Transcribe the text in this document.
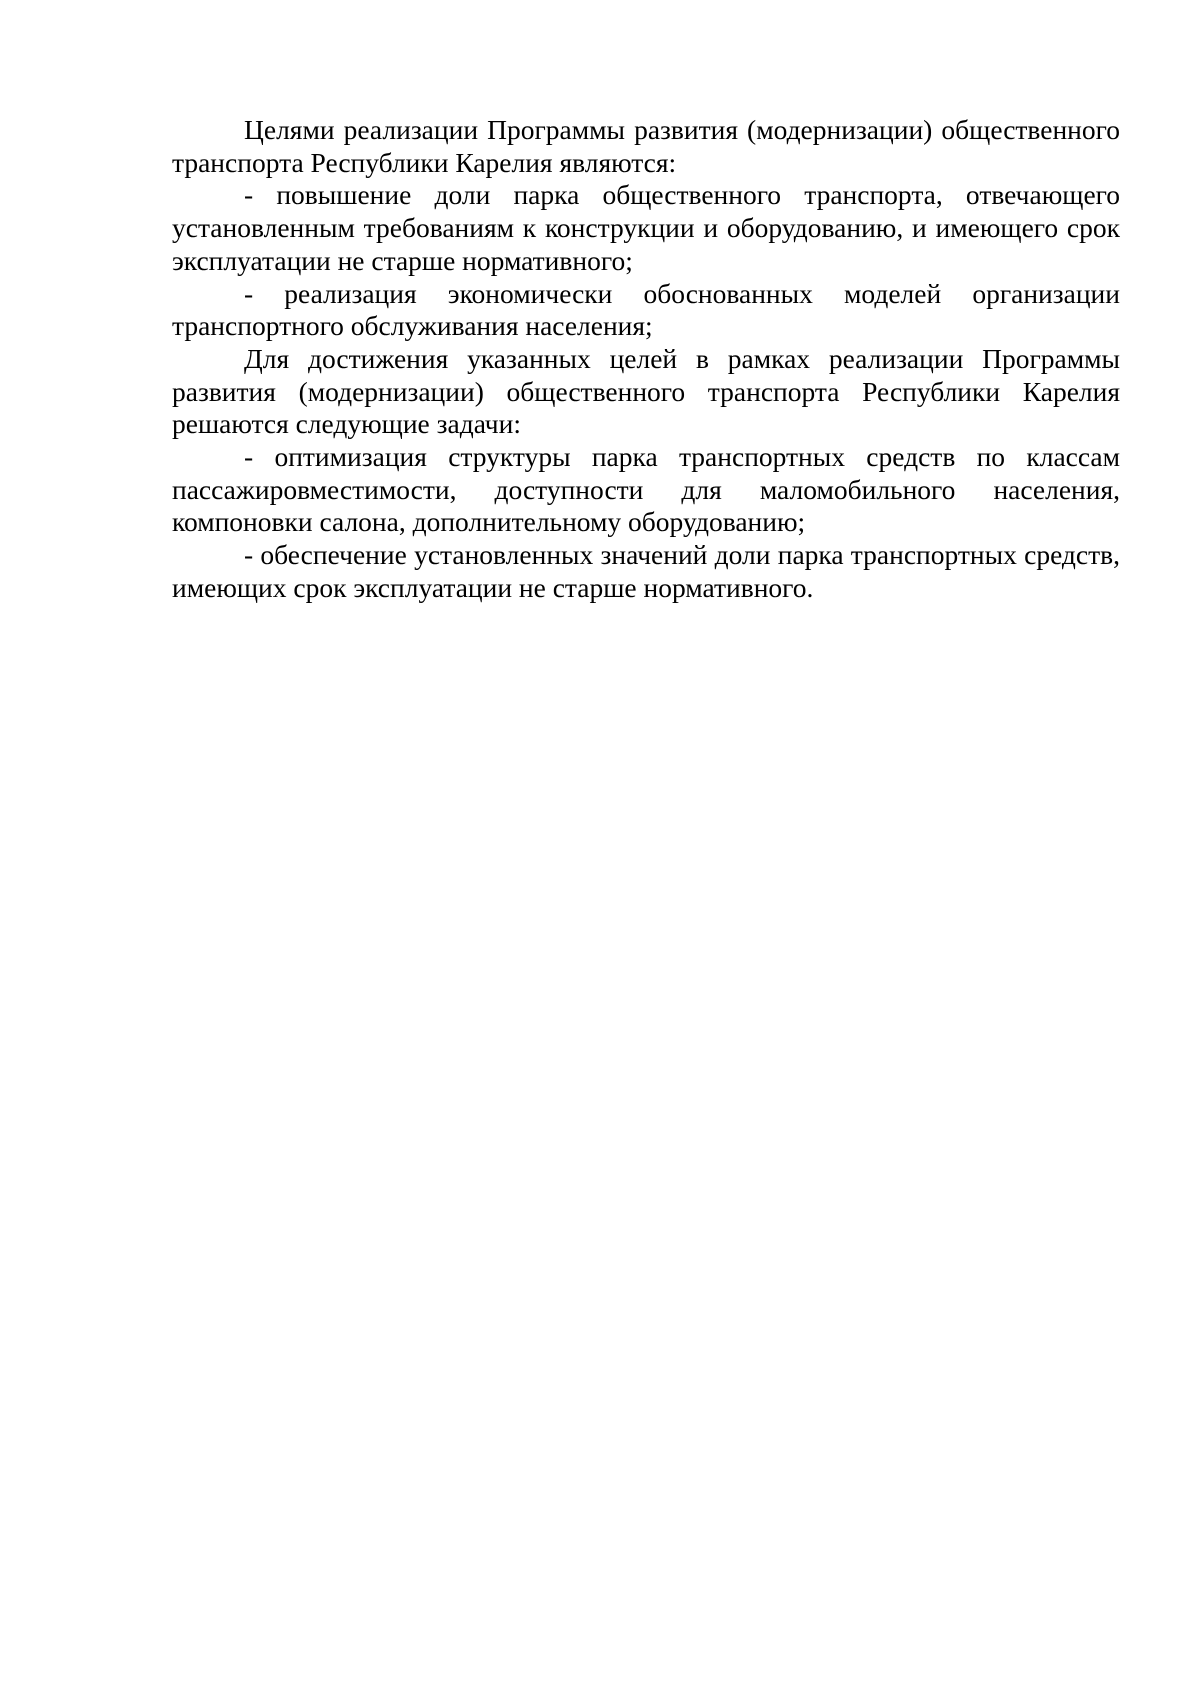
Целями реализации Программы развития (модернизации) общественного транспорта Республики Карелия являются:

- повышение доли парка общественного транспорта, отвечающего установленным требованиям к конструкции и оборудованию, и имеющего срок эксплуатации не старше нормативного;

- реализация экономически обоснованных моделей организации транспортного обслуживания населения;

Для достижения указанных целей в рамках реализации Программы развития (модернизации) общественного транспорта Республики Карелия решаются следующие задачи:

- оптимизация структуры парка транспортных средств по классам пассажировместимости, доступности для маломобильного населения, компоновки салона, дополнительному оборудованию;

- обеспечение установленных значений доли парка транспортных средств, имеющих срок эксплуатации не старше нормативного.
